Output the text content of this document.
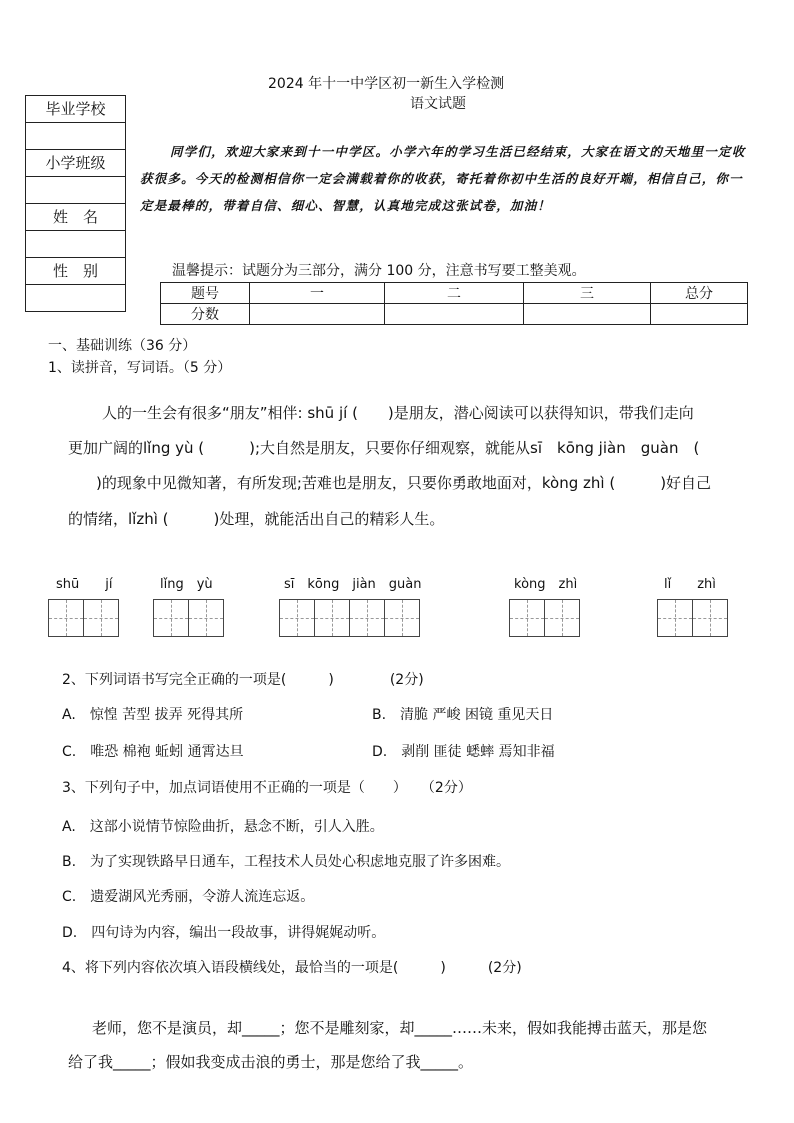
2024 年十一中学区初一新生入学检测
语文试题
毕业学校
小学班级
姓　名
性　别
同学们，欢迎大家来到十一中学区。小学六年的学习生活已经结束，大家在语文的天地里一定收获很多。今天的检测相信你一定会满载着你的收获，寄托着你初中生活的良好开端，相信自己，你一定是最棒的，带着自信、细心、智慧，认真地完成这张试卷，加油！
温馨提示：试题分为三部分，满分 100 分，注意书写要工整美观。
题号	一	二	三	总分
分数				
一、基础训练（36 分）
1、读拼音，写词语。（5 分）
人的一生会有很多“朋友”相伴: shū jí (　　)是朋友，潜心阅读可以获得知识，带我们走向
更加广阔的lǐng yù (　　　);大自然是朋友，只要你仔细观察，就能从sī　kōng jiàn　guàn　(
)的现象中见微知著，有所发现;苦难也是朋友，只要你勇敢地面对，kòng zhì (　　　)好自己
的情绪，lǐzhì (　　　)处理，就能活出自己的精彩人生。
shū　　jí	lǐng　yù	sī　kōng　jiàn　guàn	kòng　zhì	lǐ　　zhì
2、下列词语书写完全正确的一项是(　　　)　　　　(2分)
A.　惊惶 苦型 拔弄 死得其所	B.　清脆 严峻 困镜 重见天日
C.　唯恐 棉袍 蚯蚓 通霄达旦	D.　剥削 匪徒 蟋蟀 焉知非福
3、下列句子中，加点词语使用不正确的一项是（　　）　　（2分）
A.　这部小说情节惊险曲折，悬念不断，引人入胜。
B.　为了实现铁路早日通车，工程技术人员处心积虑地克服了许多困难。
C.　遗爱湖风光秀丽，令游人流连忘返。
D.　四句诗为内容，编出一段故事，讲得娓娓动听。
4、将下列内容依次填入语段横线处，最恰当的一项是(　　　)　　　(2分)
老师，您不是演员，却_____；您不是雕刻家，却_____……未来，假如我能搏击蓝天，那是您
给了我_____；假如我变成击浪的勇士，那是您给了我_____。
